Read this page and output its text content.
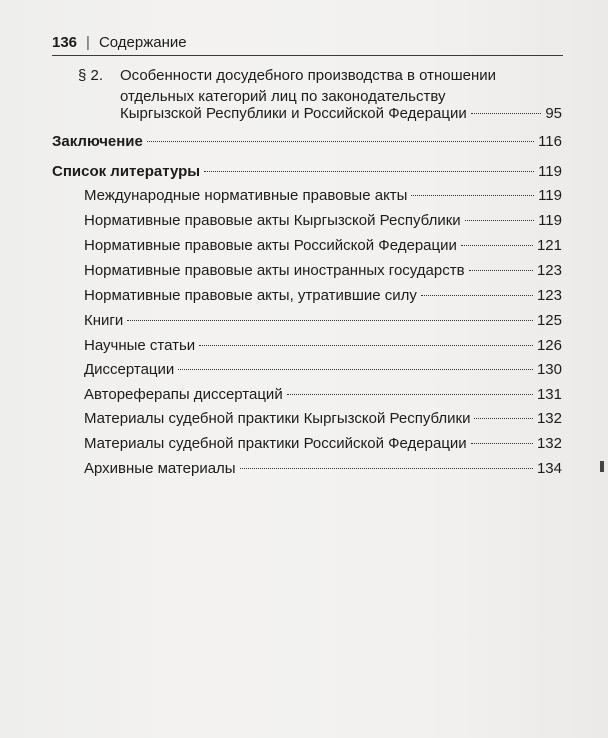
136 | Содержание
§ 2. Особенности досудебного производства в отношении
отдельных категорий лиц по законодательству
Кыргызской Республики и Российской Федерации	95
Заключение	116
Список литературы	119
Международные нормативные правовые акты	119
Нормативные правовые акты Кыргызской Республики	119
Нормативные правовые акты Российской Федерации	121
Нормативные правовые акты иностранных государств	123
Нормативные правовые акты, утратившие силу	123
Книги	125
Научные статьи	126
Диссертации	130
Автореферапы диссертаций	131
Материалы судебной практики Кыргызской Республики	132
Материалы судебной практики Российской Федерации	132
Архивные материалы	134
